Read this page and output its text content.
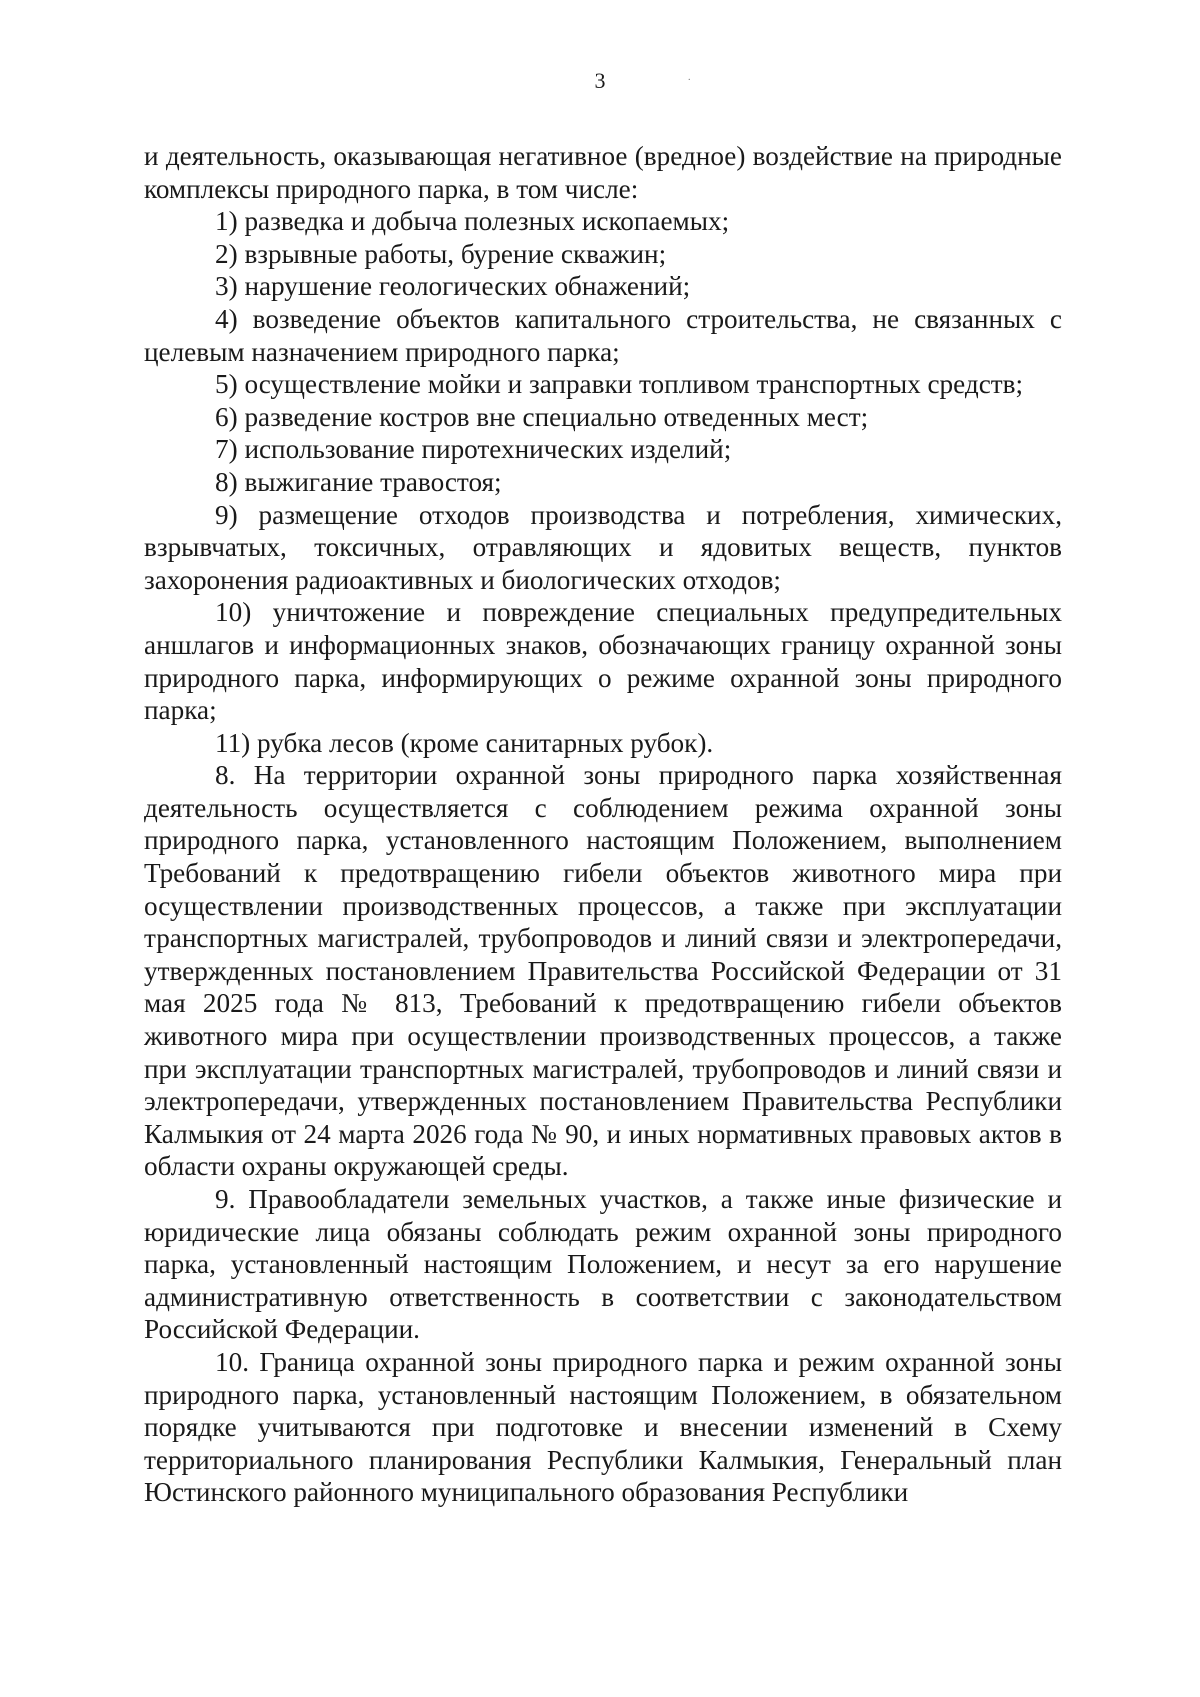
3	.

и деятельность, оказывающая негативное (вредное) воздействие на природные комплексы природного парка, в том числе:

1) разведка и добыча полезных ископаемых;

2) взрывные работы, бурение скважин;

3) нарушение геологических обнажений;

4) возведение объектов капитального строительства, не связанных с целевым назначением природного парка;

5) осуществление мойки и заправки топливом транспортных средств;

6) разведение костров вне специально отведенных мест;

7) использование пиротехнических изделий;

8) выжигание травостоя;

9) размещение отходов производства и потребления, химических, взрывчатых, токсичных, отравляющих и ядовитых веществ, пунктов захоронения радиоактивных и биологических отходов;

10) уничтожение и повреждение специальных предупредительных аншлагов и информационных знаков, обозначающих границу охранной зоны природного парка, информирующих о режиме охранной зоны природного парка;

11) рубка лесов (кроме санитарных рубок).

8. На территории охранной зоны природного парка хозяйственная деятельность осуществляется с соблюдением режима охранной зоны природного парка, установленного настоящим Положением, выполнением Требований к предотвращению гибели объектов животного мира при осуществлении производственных процессов, а также при эксплуатации транспортных магистралей, трубопроводов и линий связи и электропередачи, утвержденных постановлением Правительства Российской Федерации от 31 мая 2025 года № 813, Требований к предотвращению гибели объектов животного мира при осуществлении производственных процессов, а также при эксплуатации транспортных магистралей, трубопроводов и линий связи и электропередачи, утвержденных постановлением Правительства Республики Калмыкия от 24 марта 2026 года № 90, и иных нормативных правовых актов в области охраны окружающей среды.

9. Правообладатели земельных участков, а также иные физические и юридические лица обязаны соблюдать режим охранной зоны природного парка, установленный настоящим Положением, и несут за его нарушение административную ответственность в соответствии с законодательством Российской Федерации.

10. Граница охранной зоны природного парка и режим охранной зоны природного парка, установленный настоящим Положением, в обязательном порядке учитываются при подготовке и внесении изменений в Схему территориального планирования Республики Калмыкия, Генеральный план Юстинского районного муниципального образования Республики
